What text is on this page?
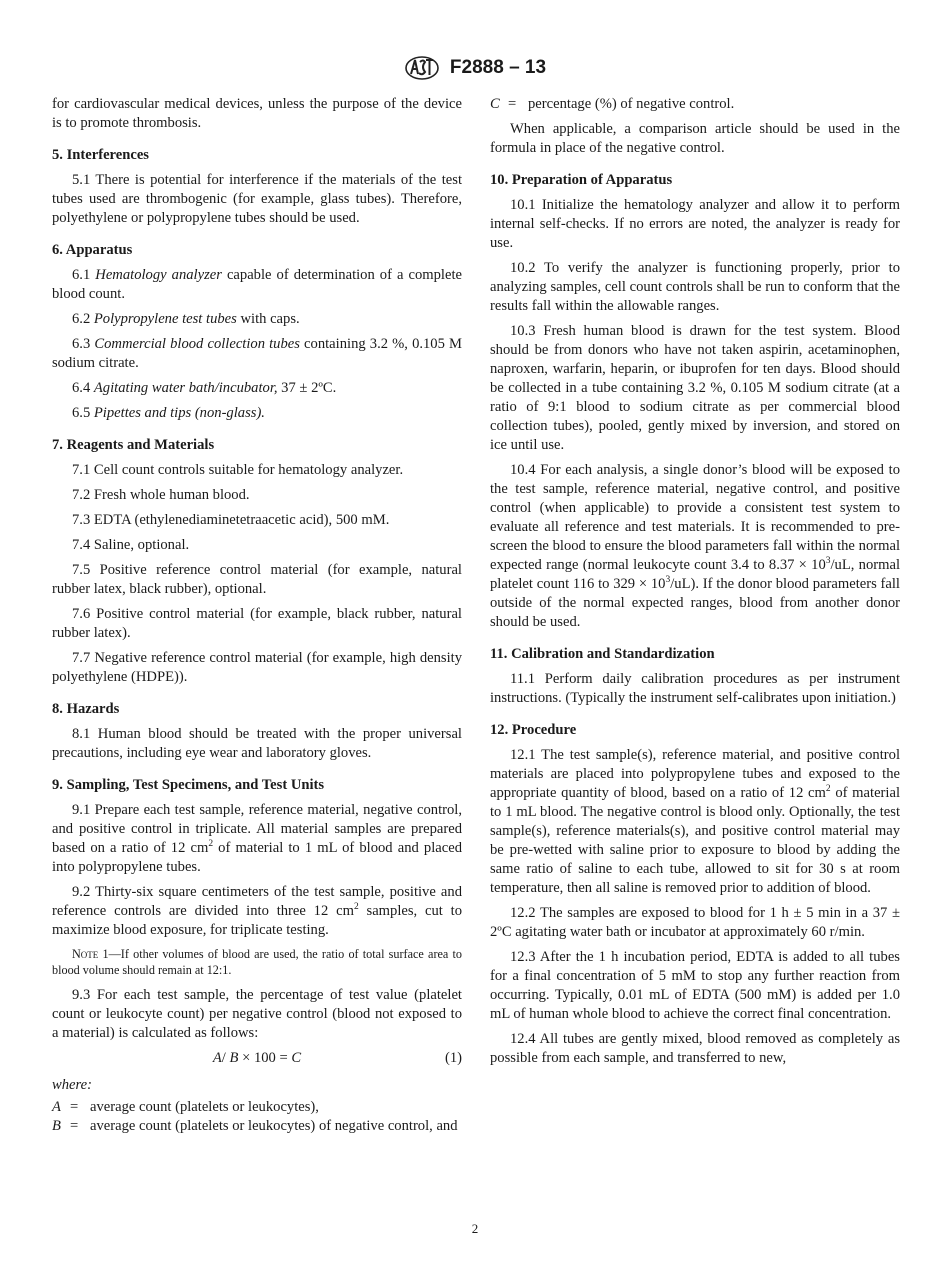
F2888 – 13

for cardiovascular medical devices, unless the purpose of the device is to promote thrombosis.

5. Interferences

5.1 There is potential for interference if the materials of the test tubes used are thrombogenic (for example, glass tubes). Therefore, polyethylene or polypropylene tubes should be used.

6. Apparatus

6.1 Hematology analyzer capable of determination of a complete blood count.

6.2 Polypropylene test tubes with caps.

6.3 Commercial blood collection tubes containing 3.2 %, 0.105 M sodium citrate.

6.4 Agitating water bath/incubator, 37 ± 2ºC.

6.5 Pipettes and tips (non-glass).

7. Reagents and Materials

7.1 Cell count controls suitable for hematology analyzer.

7.2 Fresh whole human blood.

7.3 EDTA (ethylenediaminetetraacetic acid), 500 mM.

7.4 Saline, optional.

7.5 Positive reference control material (for example, natural rubber latex, black rubber), optional.

7.6 Positive control material (for example, black rubber, natural rubber latex).

7.7 Negative reference control material (for example, high density polyethylene (HDPE)).

8. Hazards

8.1 Human blood should be treated with the proper universal precautions, including eye wear and laboratory gloves.

9. Sampling, Test Specimens, and Test Units

9.1 Prepare each test sample, reference material, negative control, and positive control in triplicate. All material samples are prepared based on a ratio of 12 $cm^2$ of material to 1 mL of blood and placed into polypropylene tubes.

9.2 Thirty-six square centimeters of the test sample, positive and reference controls are divided into three 12 $cm^2$ samples, cut to maximize blood exposure, for triplicate testing.

Note 1—If other volumes of blood are used, the ratio of total surface area to blood volume should remain at 12:1.

9.3 For each test sample, the percentage of test value (platelet count or leukocyte count) per negative control (blood not exposed to a material) is calculated as follows:

A/ B × 100 = C	(1)
where:
A = average count (platelets or leukocytes),
B = average count (platelets or leukocytes) of negative control, and
C = percentage (%) of negative control.

When applicable, a comparison article should be used in the formula in place of the negative control.

10. Preparation of Apparatus

10.1 Initialize the hematology analyzer and allow it to perform internal self-checks. If no errors are noted, the analyzer is ready for use.

10.2 To verify the analyzer is functioning properly, prior to analyzing samples, cell count controls shall be run to conform that the results fall within the allowable ranges.

10.3 Fresh human blood is drawn for the test system. Blood should be from donors who have not taken aspirin, acetaminophen, naproxen, warfarin, heparin, or ibuprofen for ten days. Blood should be collected in a tube containing 3.2 %, 0.105 M sodium citrate (at a ratio of 9:1 blood to sodium citrate as per commercial blood collection tubes), pooled, gently mixed by inversion, and stored on ice until use.

10.4 For each analysis, a single donor’s blood will be exposed to the test sample, reference material, negative control, and positive control (when applicable) to provide a consistent test system to evaluate all reference and test materials. It is recommended to pre-screen the blood to ensure the blood parameters fall within the normal expected range (normal leukocyte count 3.4 to $8.37 \times 10^3/uL$, normal platelet count 116 to $329 \times 10^3/uL$). If the donor blood parameters fall outside of the normal expected ranges, blood from another donor should be used.

11. Calibration and Standardization

11.1 Perform daily calibration procedures as per instrument instructions. (Typically the instrument self-calibrates upon initiation.)

12. Procedure

12.1 The test sample(s), reference material, and positive control materials are placed into polypropylene tubes and exposed to the appropriate quantity of blood, based on a ratio of 12 $cm^2$ of material to 1 mL blood. The negative control is blood only. Optionally, the test sample(s), reference materials(s), and positive control material may be pre-wetted with saline prior to exposure to blood by adding the same ratio of saline to each tube, allowed to sit for 30 s at room temperature, then all saline is removed prior to addition of blood.

12.2 The samples are exposed to blood for 1 h ± 5 min in a 37 ± 2ºC agitating water bath or incubator at approximately 60 r/min.

12.3 After the 1 h incubation period, EDTA is added to all tubes for a final concentration of 5 mM to stop any further reaction from occurring. Typically, 0.01 mL of EDTA (500 mM) is added per 1.0 mL of human whole blood to achieve the correct final concentration.

12.4 All tubes are gently mixed, blood removed as completely as possible from each sample, and transferred to new,

2
